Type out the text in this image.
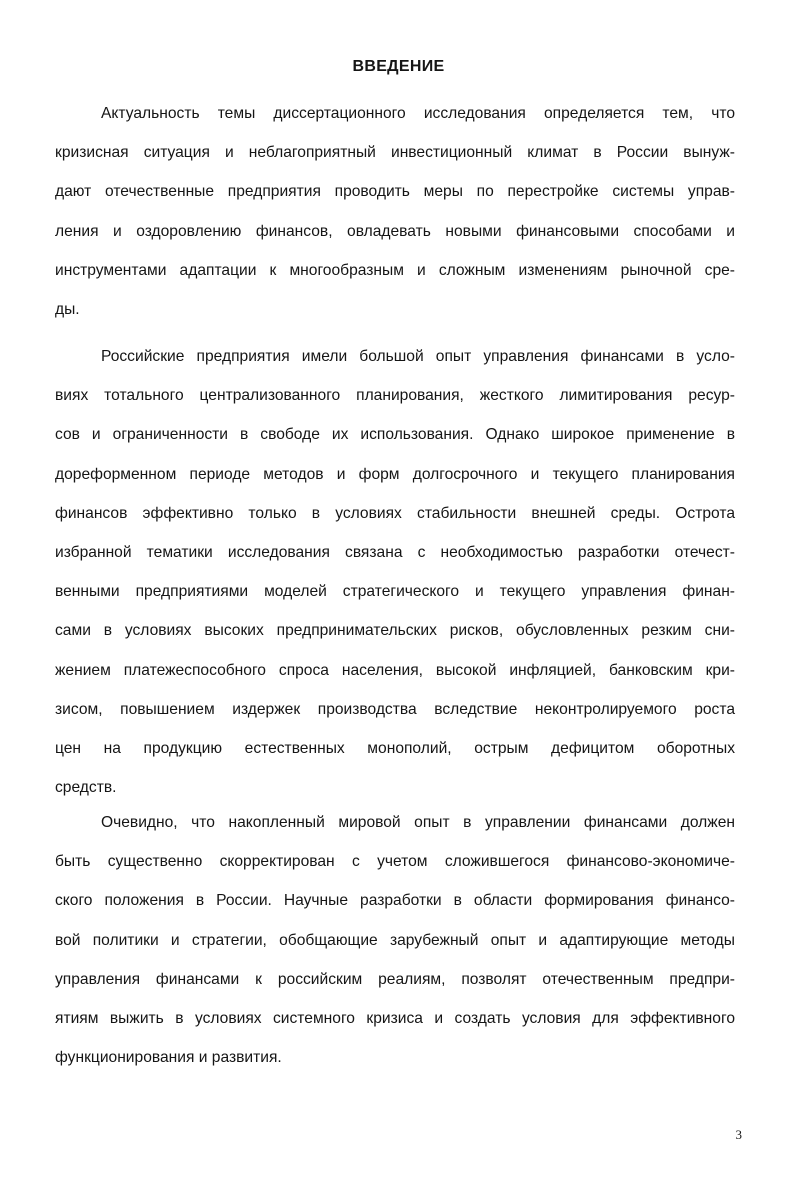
ВВЕДЕНИЕ
Актуальность темы диссертационного исследования определяется тем, что
кризисная ситуация и неблагоприятный инвестиционный климат в России вынуж-
дают отечественные предприятия проводить меры по перестройке системы управ-
ления и оздоровлению финансов, овладевать новыми финансовыми способами и
инструментами адаптации к многообразным и сложным изменениям рыночной сре-
ды.
Российские предприятия имели большой опыт управления финансами в усло-
виях тотального централизованного планирования, жесткого лимитирования ресур-
сов и ограниченности в свободе их использования. Однако широкое применение в
дореформенном периоде методов и форм долгосрочного и текущего планирования
финансов эффективно только в условиях стабильности внешней среды. Острота
избранной тематики исследования связана с необходимостью разработки отечест-
венными предприятиями моделей стратегического и текущего управления финан-
сами в условиях высоких предпринимательских рисков, обусловленных резким сни-
жением платежеспособного спроса населения, высокой инфляцией, банковским кри-
зисом, повышением издержек производства вследствие неконтролируемого роста
цен на продукцию естественных монополий, острым дефицитом оборотных
средств.
Очевидно, что накопленный мировой опыт в управлении финансами должен
быть существенно скорректирован с учетом сложившегося финансово-экономиче-
ского положения в России. Научные разработки в области формирования финансо-
вой политики и стратегии, обобщающие зарубежный опыт и адаптирующие методы
управления финансами к российским реалиям, позволят отечественным предпри-
ятиям выжить в условиях системного кризиса и создать условия для эффективного
функционирования и развития.
3
